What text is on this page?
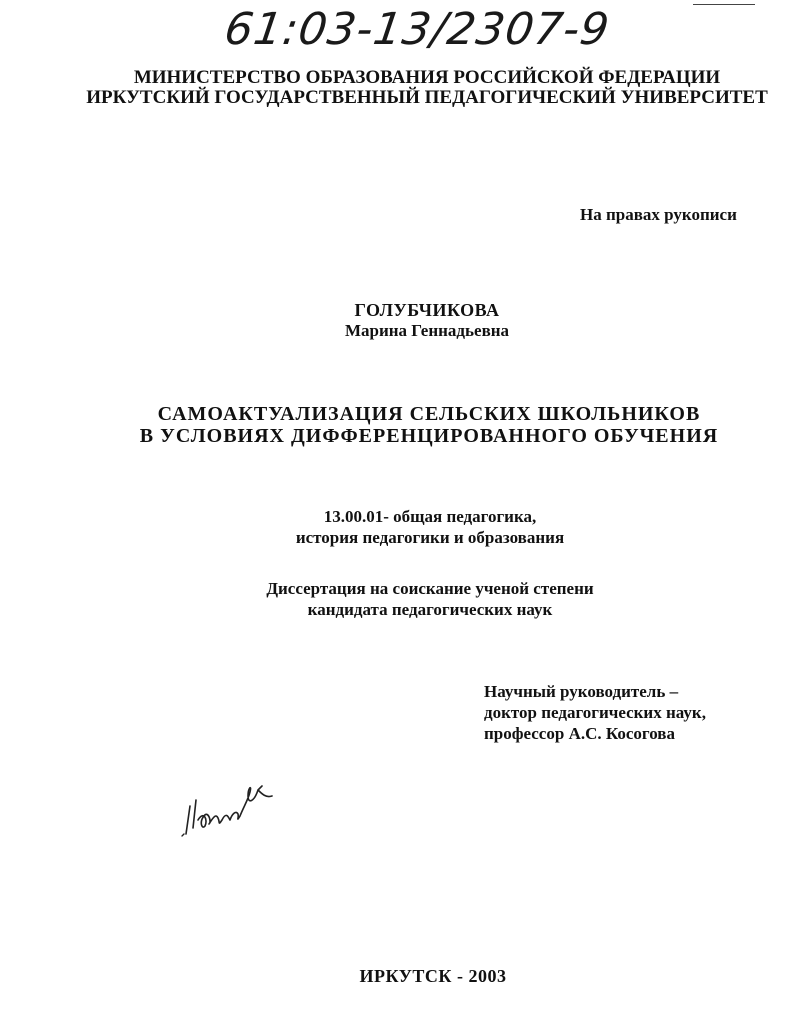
61:03-13/2307-9
МИНИСТЕРСТВО ОБРАЗОВАНИЯ РОССИЙСКОЙ ФЕДЕРАЦИИ
ИРКУТСКИЙ ГОСУДАРСТВЕННЫЙ ПЕДАГОГИЧЕСКИЙ УНИВЕРСИТЕТ
На правах рукописи
ГОЛУБЧИКОВА
Марина Геннадьевна
САМОАКТУАЛИЗАЦИЯ СЕЛЬСКИХ ШКОЛЬНИКОВ
В УСЛОВИЯХ ДИФФЕРЕНЦИРОВАННОГО ОБУЧЕНИЯ
13.00.01- общая педагогика,
история педагогики и образования
Диссертация на соискание ученой степени
кандидата педагогических наук
Научный руководитель –
доктор педагогических наук,
профессор А.С. Косогова
ИРКУТСК - 2003
